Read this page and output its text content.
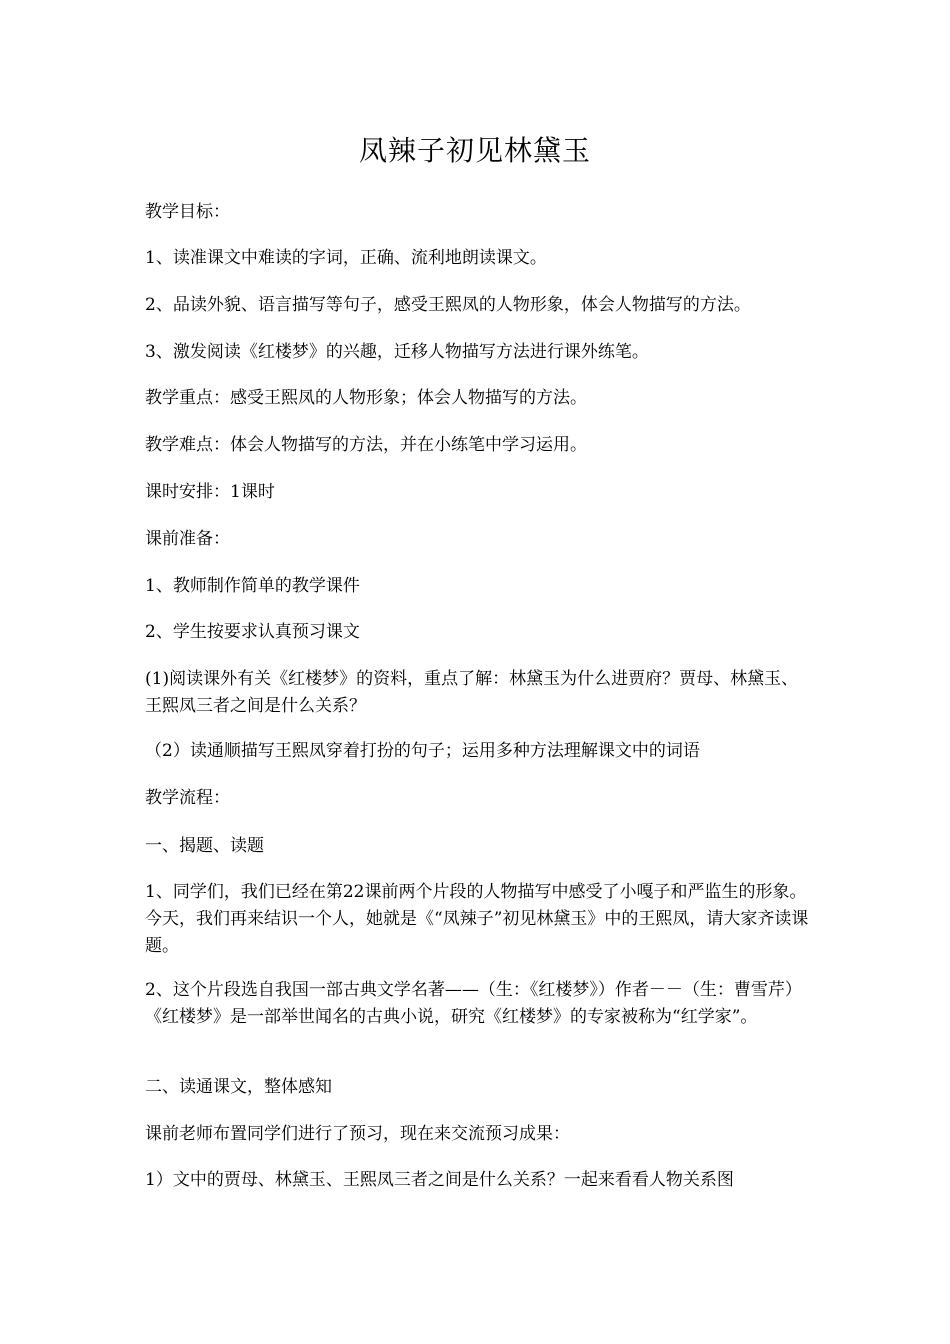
凤辣子初见林黛玉
教学目标：
1、读准课文中难读的字词，正确、流利地朗读课文。
2、品读外貌、语言描写等句子，感受王熙凤的人物形象，体会人物描写的方法。
3、激发阅读《红楼梦》的兴趣，迁移人物描写方法进行课外练笔。
教学重点：感受王熙凤的人物形象；体会人物描写的方法。
教学难点：体会人物描写的方法，并在小练笔中学习运用。
课时安排：1课时
课前准备：
1、教师制作简单的教学课件
2、学生按要求认真预习课文
(1)阅读课外有关《红楼梦》的资料，重点了解：林黛玉为什么进贾府？贾母、林黛玉、王熙凤三者之间是什么关系？
（2）读通顺描写王熙凤穿着打扮的句子；运用多种方法理解课文中的词语
教学流程：
一、揭题、读题
1、同学们，我们已经在第22课前两个片段的人物描写中感受了小嘎子和严监生的形象。今天，我们再来结识一个人，她就是《“凤辣子”初见林黛玉》中的王熙凤，请大家齐读课题。
2、这个片段选自我国一部古典文学名著——（生：《红楼梦》）作者－－（生：曹雪芹）《红楼梦》是一部举世闻名的古典小说，研究《红楼梦》的专家被称为“红学家”。
二、读通课文，整体感知
课前老师布置同学们进行了预习，现在来交流预习成果：
1）文中的贾母、林黛玉、王熙凤三者之间是什么关系？一起来看看人物关系图
